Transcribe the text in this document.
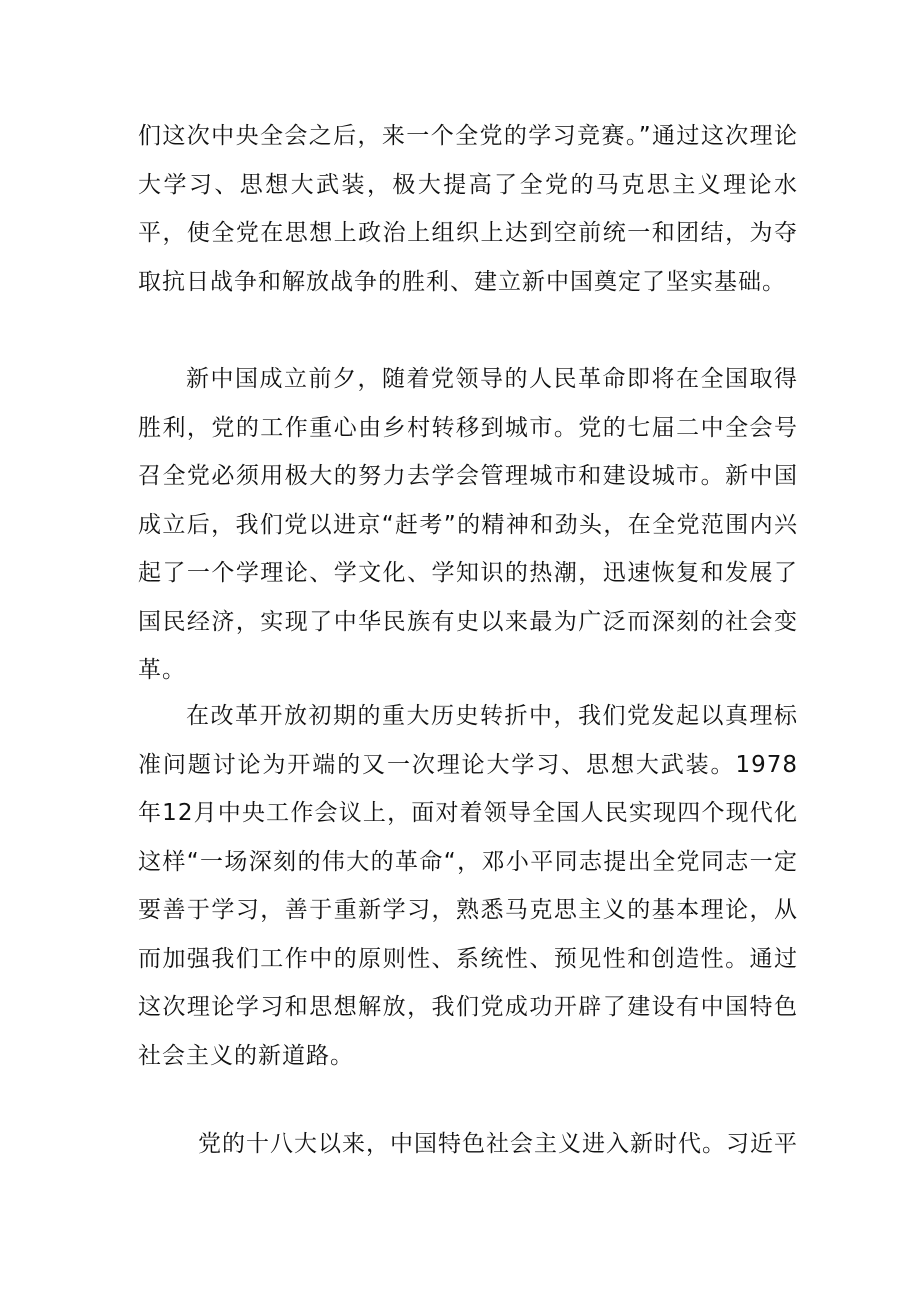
们这次中央全会之后，来一个全党的学习竞赛。”通过这次理论大学习、思想大武装，极大提高了全党的马克思主义理论水平，使全党在思想上政治上组织上达到空前统一和团结，为夺取抗日战争和解放战争的胜利、建立新中国奠定了坚实基础。

新中国成立前夕，随着党领导的人民革命即将在全国取得胜利，党的工作重心由乡村转移到城市。党的七届二中全会号召全党必须用极大的努力去学会管理城市和建设城市。新中国成立后，我们党以进京“赶考”的精神和劲头，在全党范围内兴起了一个学理论、学文化、学知识的热潮，迅速恢复和发展了国民经济，实现了中华民族有史以来最为广泛而深刻的社会变革。

在改革开放初期的重大历史转折中，我们党发起以真理标准问题讨论为开端的又一次理论大学习、思想大武装。1978年12月中央工作会议上，面对着领导全国人民实现四个现代化这样“一场深刻的伟大的革命“，邓小平同志提出全党同志一定要善于学习，善于重新学习，熟悉马克思主义的基本理论，从而加强我们工作中的原则性、系统性、预见性和创造性。通过这次理论学习和思想解放，我们党成功开辟了建设有中国特色社会主义的新道路。

党的十八大以来，中国特色社会主义进入新时代。习近平
